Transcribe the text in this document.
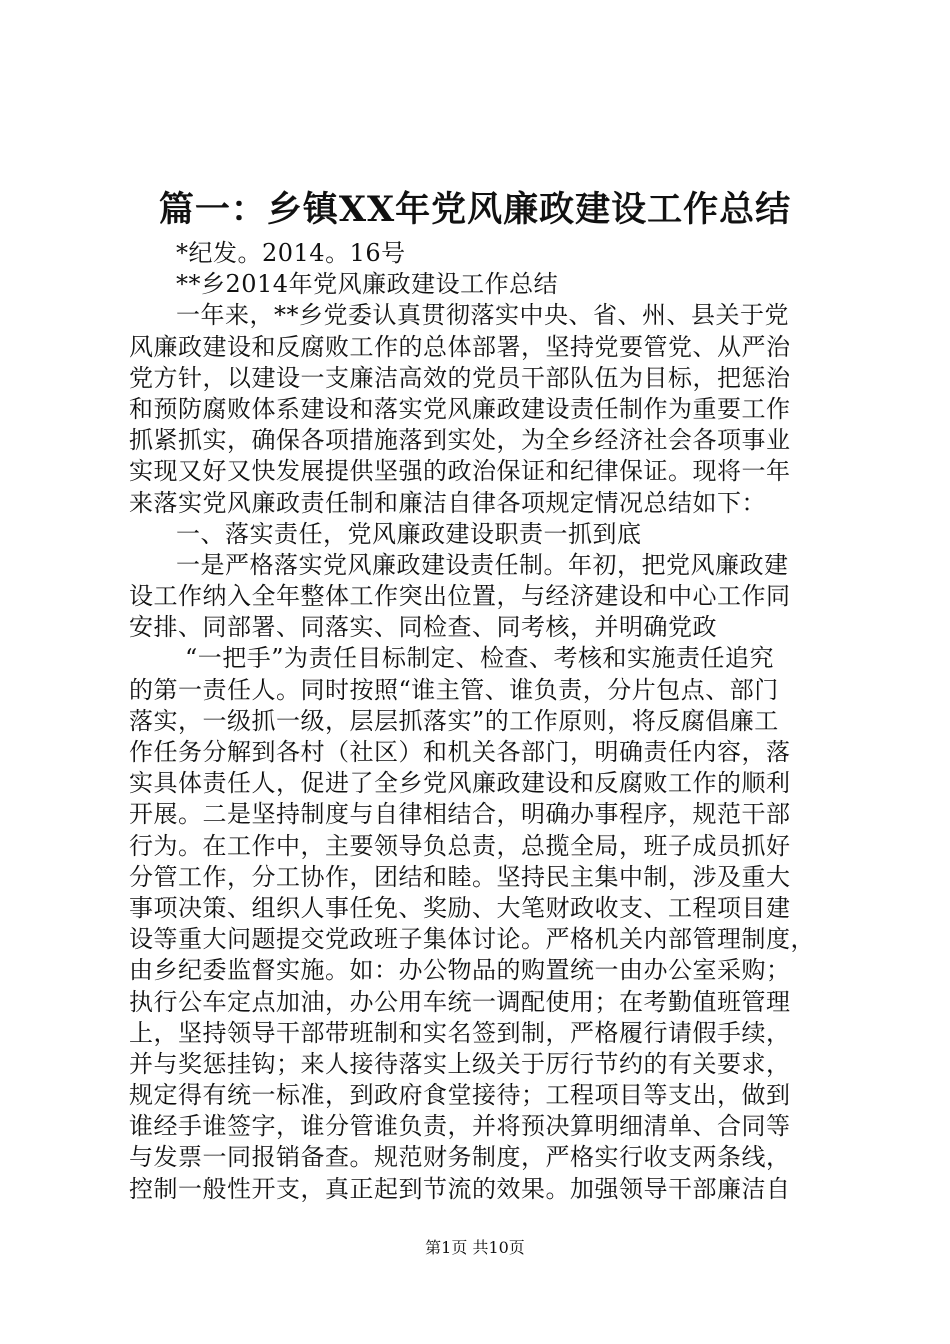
篇一：乡镇XX年党风廉政建设工作总结
*纪发。2014。16号
**乡2014年党风廉政建设工作总结
一年来，**乡党委认真贯彻落实中央、省、州、县关于党
风廉政建设和反腐败工作的总体部署，坚持党要管党、从严治
党方针，以建设一支廉洁高效的党员干部队伍为目标，把惩治
和预防腐败体系建设和落实党风廉政建设责任制作为重要工作
抓紧抓实，确保各项措施落到实处，为全乡经济社会各项事业
实现又好又快发展提供坚强的政治保证和纪律保证。现将一年
来落实党风廉政责任制和廉洁自律各项规定情况总结如下：
一、落实责任，党风廉政建设职责一抓到底
一是严格落实党风廉政建设责任制。年初，把党风廉政建
设工作纳入全年整体工作突出位置，与经济建设和中心工作同
安排、同部署、同落实、同检查、同考核，并明确党政
“一把手”为责任目标制定、检查、考核和实施责任追究
的第一责任人。同时按照“谁主管、谁负责，分片包点、部门
落实，一级抓一级，层层抓落实”的工作原则，将反腐倡廉工
作任务分解到各村（社区）和机关各部门，明确责任内容，落
实具体责任人，促进了全乡党风廉政建设和反腐败工作的顺利
开展。二是坚持制度与自律相结合，明确办事程序，规范干部
行为。在工作中，主要领导负总责，总揽全局，班子成员抓好
分管工作，分工协作，团结和睦。坚持民主集中制，涉及重大
事项决策、组织人事任免、奖励、大笔财政收支、工程项目建
设等重大问题提交党政班子集体讨论。严格机关内部管理制度，
由乡纪委监督实施。如：办公物品的购置统一由办公室采购；
执行公车定点加油，办公用车统一调配使用；在考勤值班管理
上，坚持领导干部带班制和实名签到制，严格履行请假手续，
并与奖惩挂钩；来人接待落实上级关于厉行节约的有关要求，
规定得有统一标准，到政府食堂接待；工程项目等支出，做到
谁经手谁签字，谁分管谁负责，并将预决算明细清单、合同等
与发票一同报销备查。规范财务制度，严格实行收支两条线，
控制一般性开支，真正起到节流的效果。加强领导干部廉洁自
第1页 共10页
